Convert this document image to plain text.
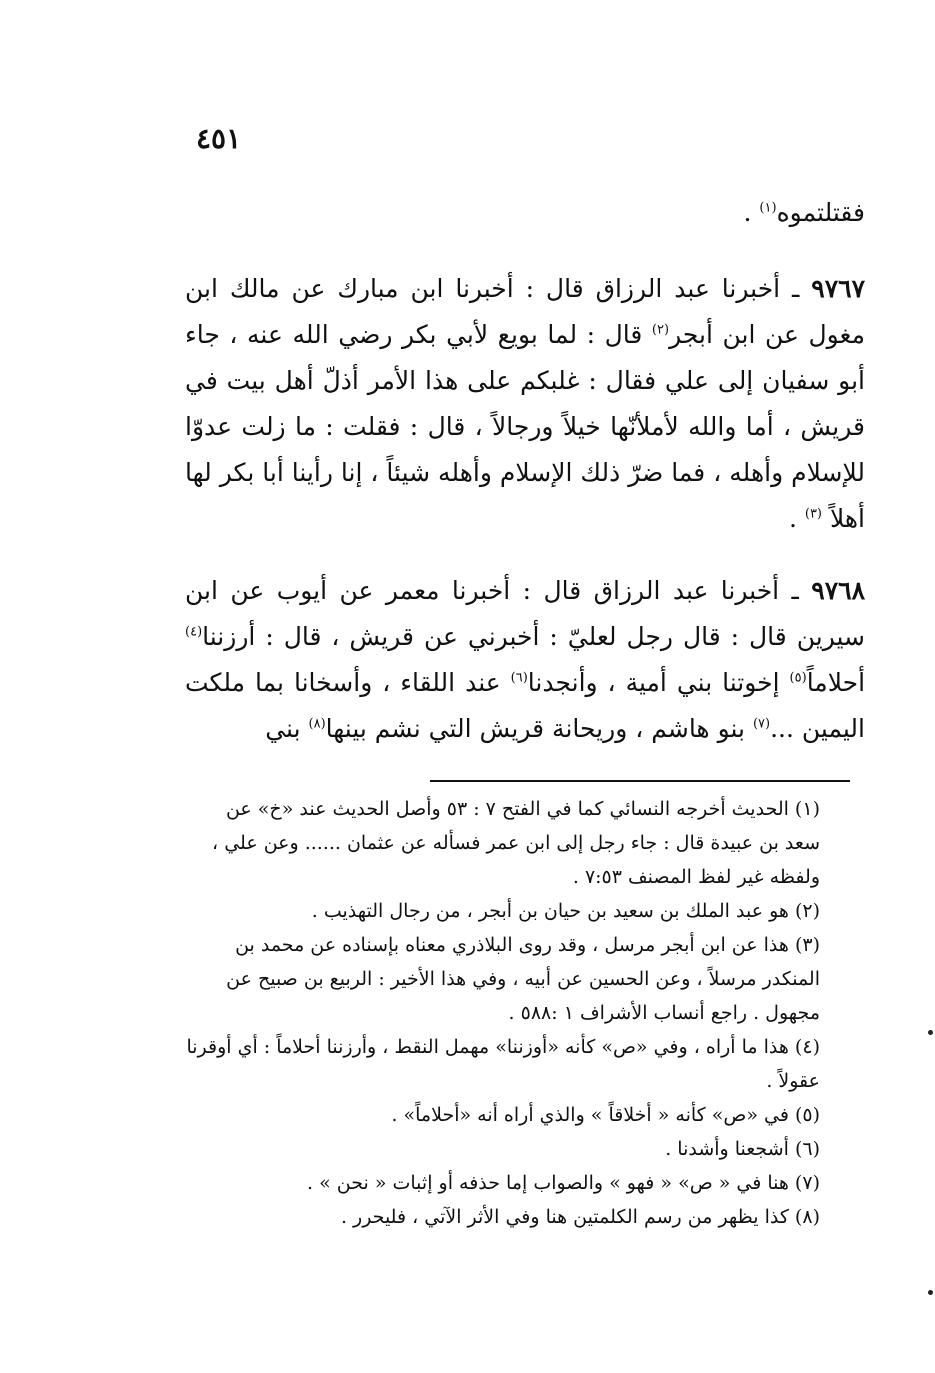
٤٥١

فقتلتموه$^{(١)}$ .

٩٧٦٧ ـ أخبرنا عبد الرزاق قال : أخبرنا ابن مبارك عن مالك ابن مغول عن ابن أبجر$^{(٢)}$ قال : لما بويع لأبي بكر رضي الله عنه ، جاء أبو سفيان إلى علي فقال : غلبكم على هذا الأمر أذلّ أهل بيت في قريش ، أما والله لأملأنّها خيلاً ورجالاً ، قال : فقلت : ما زلت عدوّا للإسلام وأهله ، فما ضرّ ذلك الإسلام وأهله شيئاً ، إنا رأينا أبا بكر لها أهلاً $^{(٣)}$ .

٩٧٦٨ ـ أخبرنا عبد الرزاق قال : أخبرنا معمر عن أيوب عن ابن سيرين قال : قال رجل لعليّ : أخبرني عن قريش ، قال : أرزننا$^{(٤)}$ أحلاماً$^{(٥)}$ إخوتنا بني أمية ، وأنجدنا$^{(٦)}$ عند اللقاء ، وأسخانا بما ملكت اليمين ...$^{(٧)}$ بنو هاشم ، وريحانة قريش التي نشم بينها$^{(٨)}$ بني

(١) الحديث أخرجه النسائي كما في الفتح ٧ : ٥٣ وأصل الحديث عند «خ» عن سعد بن عبيدة قال : جاء رجل إلى ابن عمر فسأله عن عثمان ...... وعن علي ، ولفظه غير لفظ المصنف ٧:٥٣ .

(٢) هو عبد الملك بن سعيد بن حيان بن أبجر ، من رجال التهذيب .

(٣) هذا عن ابن أبجر مرسل ، وقد روى البلاذري معناه بإسناده عن محمد بن المنكدر مرسلاً ، وعن الحسين عن أبيه ، وفي هذا الأخير : الربيع بن صبيح عن مجهول . راجع أنساب الأشراف ١ :٥٨٨ .

(٤) هذا ما أراه ، وفي «ص» كأنه «أوزننا» مهمل النقط ، وأرزننا أحلاماً : أي أوقرنا عقولاً .

(٥) في «ص» كأنه « أخلاقاً » والذي أراه أنه «أحلاماً» .

(٦) أشجعنا وأشدنا .

(٧) هنا في « ص» « فهو » والصواب إما حذفه أو إثبات « نحن » .

(٨) كذا يظهر من رسم الكلمتين هنا وفي الأثر الآتي ، فليحرر .
